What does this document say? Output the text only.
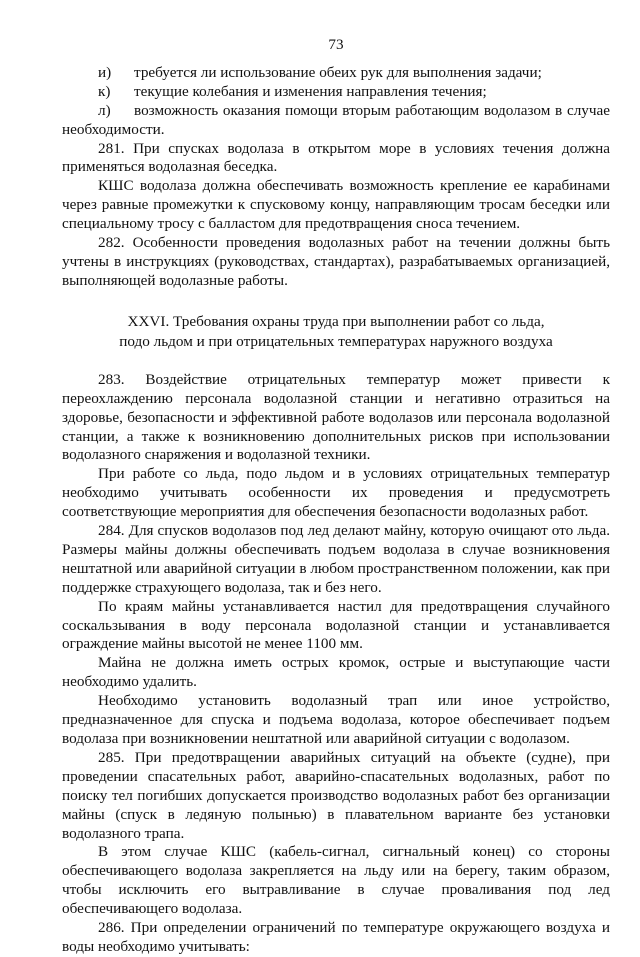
73

и) требуется ли использование обеих рук для выполнения задачи;

к) текущие колебания и изменения направления течения;

л) возможность оказания помощи вторым работающим водолазом в случае необходимости.

281. При спусках водолаза в открытом море в условиях течения должна применяться водолазная беседка.

КШС водолаза должна обеспечивать возможность крепление ее карабинами через равные промежутки к спусковому концу, направляющим тросам беседки или специальному тросу с балластом для предотвращения сноса течением.

282. Особенности проведения водолазных работ на течении должны быть учтены в инструкциях (руководствах, стандартах), разрабатываемых организацией, выполняющей водолазные работы.

XXVI. Требования охраны труда при выполнении работ со льда,
подо льдом и при отрицательных температурах наружного воздуха

283. Воздействие отрицательных температур может привести к переохлаждению персонала водолазной станции и негативно отразиться на здоровье, безопасности и эффективной работе водолазов или персонала водолазной станции, а также к возникновению дополнительных рисков при использовании водолазного снаряжения и водолазной техники.

При работе со льда, подо льдом и в условиях отрицательных температур необходимо учитывать особенности их проведения и предусмотреть соответствующие мероприятия для обеспечения безопасности водолазных работ.

284. Для спусков водолазов под лед делают майну, которую очищают ото льда. Размеры майны должны обеспечивать подъем водолаза в случае возникновения нештатной или аварийной ситуации в любом пространственном положении, как при поддержке страхующего водолаза, так и без него.

По краям майны устанавливается настил для предотвращения случайного соскальзывания в воду персонала водолазной станции и устанавливается ограждение майны высотой не менее 1100 мм.

Майна не должна иметь острых кромок, острые и выступающие части необходимо удалить.

Необходимо установить водолазный трап или иное устройство, предназначенное для спуска и подъема водолаза, которое обеспечивает подъем водолаза при возникновении нештатной или аварийной ситуации с водолазом.

285. При предотвращении аварийных ситуаций на объекте (судне), при проведении спасательных работ, аварийно-спасательных водолазных, работ по поиску тел погибших допускается производство водолазных работ без организации майны (спуск в ледяную полынью) в плавательном варианте без установки водолазного трапа.

В этом случае КШС (кабель-сигнал, сигнальный конец) со стороны обеспечивающего водолаза закрепляется на льду или на берегу, таким образом, чтобы исключить его вытравливание в случае проваливания под лед обеспечивающего водолаза.

286. При определении ограничений по температуре окружающего воздуха и воды необходимо учитывать:
